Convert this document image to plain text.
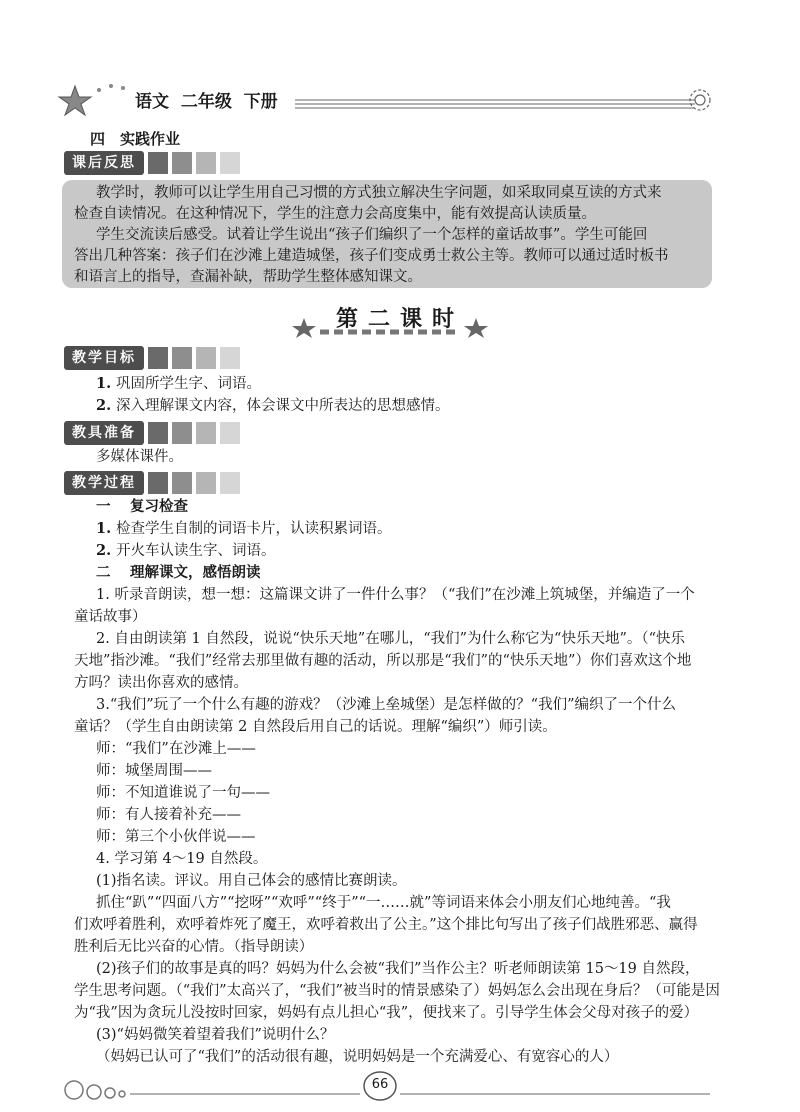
语文  二年级  下册
四 实践作业
课后反思
教学时，教师可以让学生用自己习惯的方式独立解决生字问题，如采取同桌互读的方式来
检查自读情况。在这种情况下，学生的注意力会高度集中，能有效提高认读质量。
学生交流读后感受。试着让学生说出“孩子们编织了一个怎样的童话故事”。学生可能回
答出几种答案：孩子们在沙滩上建造城堡，孩子们变成勇士救公主等。教师可以通过适时板书
和语言上的指导，查漏补缺，帮助学生整体感知课文。
第二课时
教学目标
1. 巩固所学生字、词语。
2. 深入理解课文内容，体会课文中所表达的思想感情。
教具准备
多媒体课件。
教学过程
一 复习检查
1. 检查学生自制的词语卡片，认读积累词语。
2. 开火车认读生字、词语。
二 理解课文，感悟朗读
1. 听录音朗读，想一想：这篇课文讲了一件什么事？（“我们”在沙滩上筑城堡，并编造了一个
童话故事）
2. 自由朗读第 1 自然段，说说“快乐天地”在哪儿，“我们”为什么称它为“快乐天地”。（“快乐
天地”指沙滩。“我们”经常去那里做有趣的活动，所以那是“我们”的“快乐天地”）你们喜欢这个地
方吗？读出你喜欢的感情。
3.“我们”玩了一个什么有趣的游戏？（沙滩上垒城堡）是怎样做的？“我们”编织了一个什么
童话？（学生自由朗读第 2 自然段后用自己的话说。理解“编织”）师引读。
师：“我们”在沙滩上——
师：城堡周围——
师：不知道谁说了一句——
师：有人接着补充——
师：第三个小伙伴说——
4. 学习第 4～19 自然段。
(1)指名读。评议。用自己体会的感情比赛朗读。
抓住“趴”“四面八方”“挖呀”“欢呼”“终于”“一……就”等词语来体会小朋友们心地纯善。“我
们欢呼着胜利，欢呼着炸死了魔王，欢呼着救出了公主。”这个排比句写出了孩子们战胜邪恶、赢得
胜利后无比兴奋的心情。（指导朗读）
(2)孩子们的故事是真的吗？妈妈为什么会被“我们”当作公主？听老师朗读第 15～19 自然段，
学生思考问题。（“我们”太高兴了，“我们”被当时的情景感染了）妈妈怎么会出现在身后？（可能是因
为“我”因为贪玩儿没按时回家，妈妈有点儿担心“我”，便找来了。引导学生体会父母对孩子的爱）
(3)“妈妈微笑着望着我们”说明什么？
（妈妈已认可了“我们”的活动很有趣，说明妈妈是一个充满爱心、有宽容心的人）
66
